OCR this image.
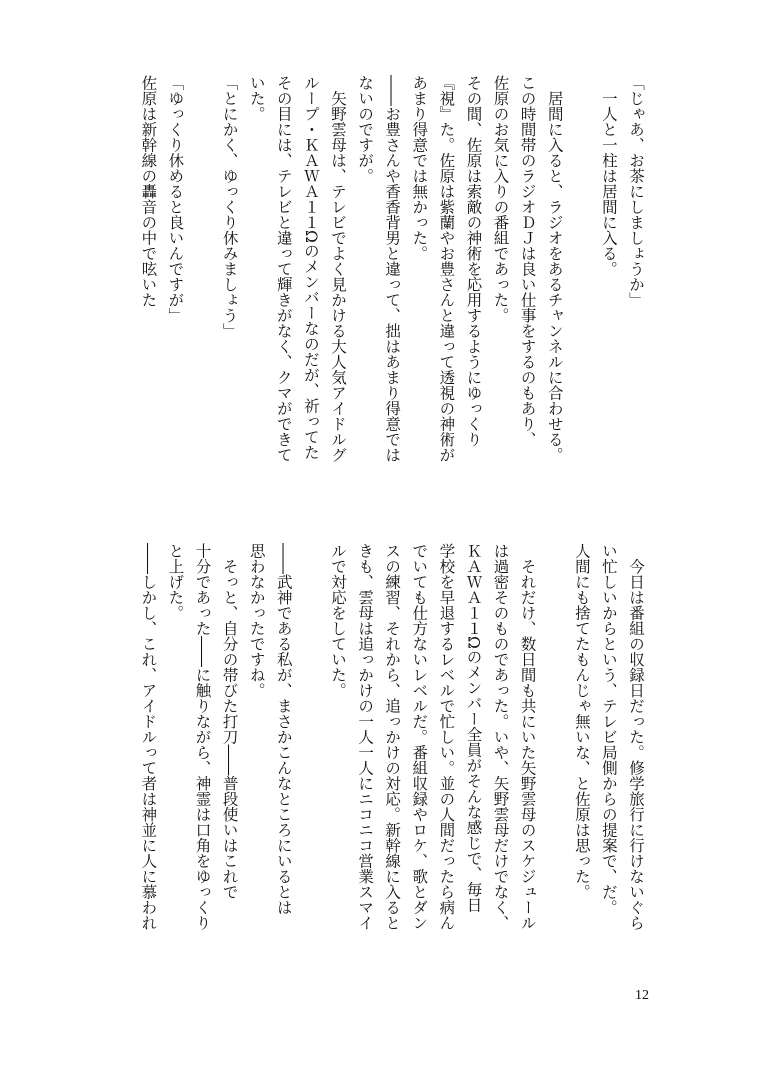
「じゃあ、お茶にしましょうか」
　一人と一柱は居間に入る。

　居間に入ると、ラジオをあるチャンネルに合わせる。
この時間帯のラジオＤＪは良い仕事をするのもあり、
佐原のお気に入りの番組であった。
その間、佐原は索敵の神術を応用するようにゆっくり
『視』た。佐原は紫蘭やお豊さんと違って透視の神術が
あまり得意では無かった。
――お豊さんや香香背男と違って、拙はあまり得意では
ないのですが。
　矢野雲母は、テレビでよく見かける大人気アイドルグ
ループ・ＫＡＷＡ１１Ωのメンバーなのだが、祈ってた
その目には、テレビと違って輝きがなく、クマができて
いた。
「とにかく、ゆっくり休みましょう」

「ゆっくり休めると良いんですが」
佐原は新幹線の轟音の中で呟いた
　今日は番組の収録日だった。修学旅行に行けないぐら
い忙しいからという、テレビ局側からの提案で、だ。
人間にも捨てたもんじゃ無いな、と佐原は思った。

　それだけ、数日間も共にいた矢野雲母のスケジュール
は過密そのものであった。いや、矢野雲母だけでなく、
ＫＡＷＡ１１Ωのメンバー全員がそんな感じで、毎日
学校を早退するレベルで忙しい。並の人間だったら病ん
でいても仕方ないレベルだ。番組収録やロケ、歌とダン
スの練習、それから、追っかけの対応。新幹線に入ると
きも、雲母は追っかけの一人一人にニコニコ営業スマイ
ルで対応をしていた。

――武神である私が、まさかこんなところにいるとは
思わなかったですね。
　そっと、自分の帯びた打刀――普段使いはこれで
十分であった――に触りながら、神霊は口角をゆっくり
と上げた。
――しかし、これ、アイドルって者は神並に人に慕われ
12
